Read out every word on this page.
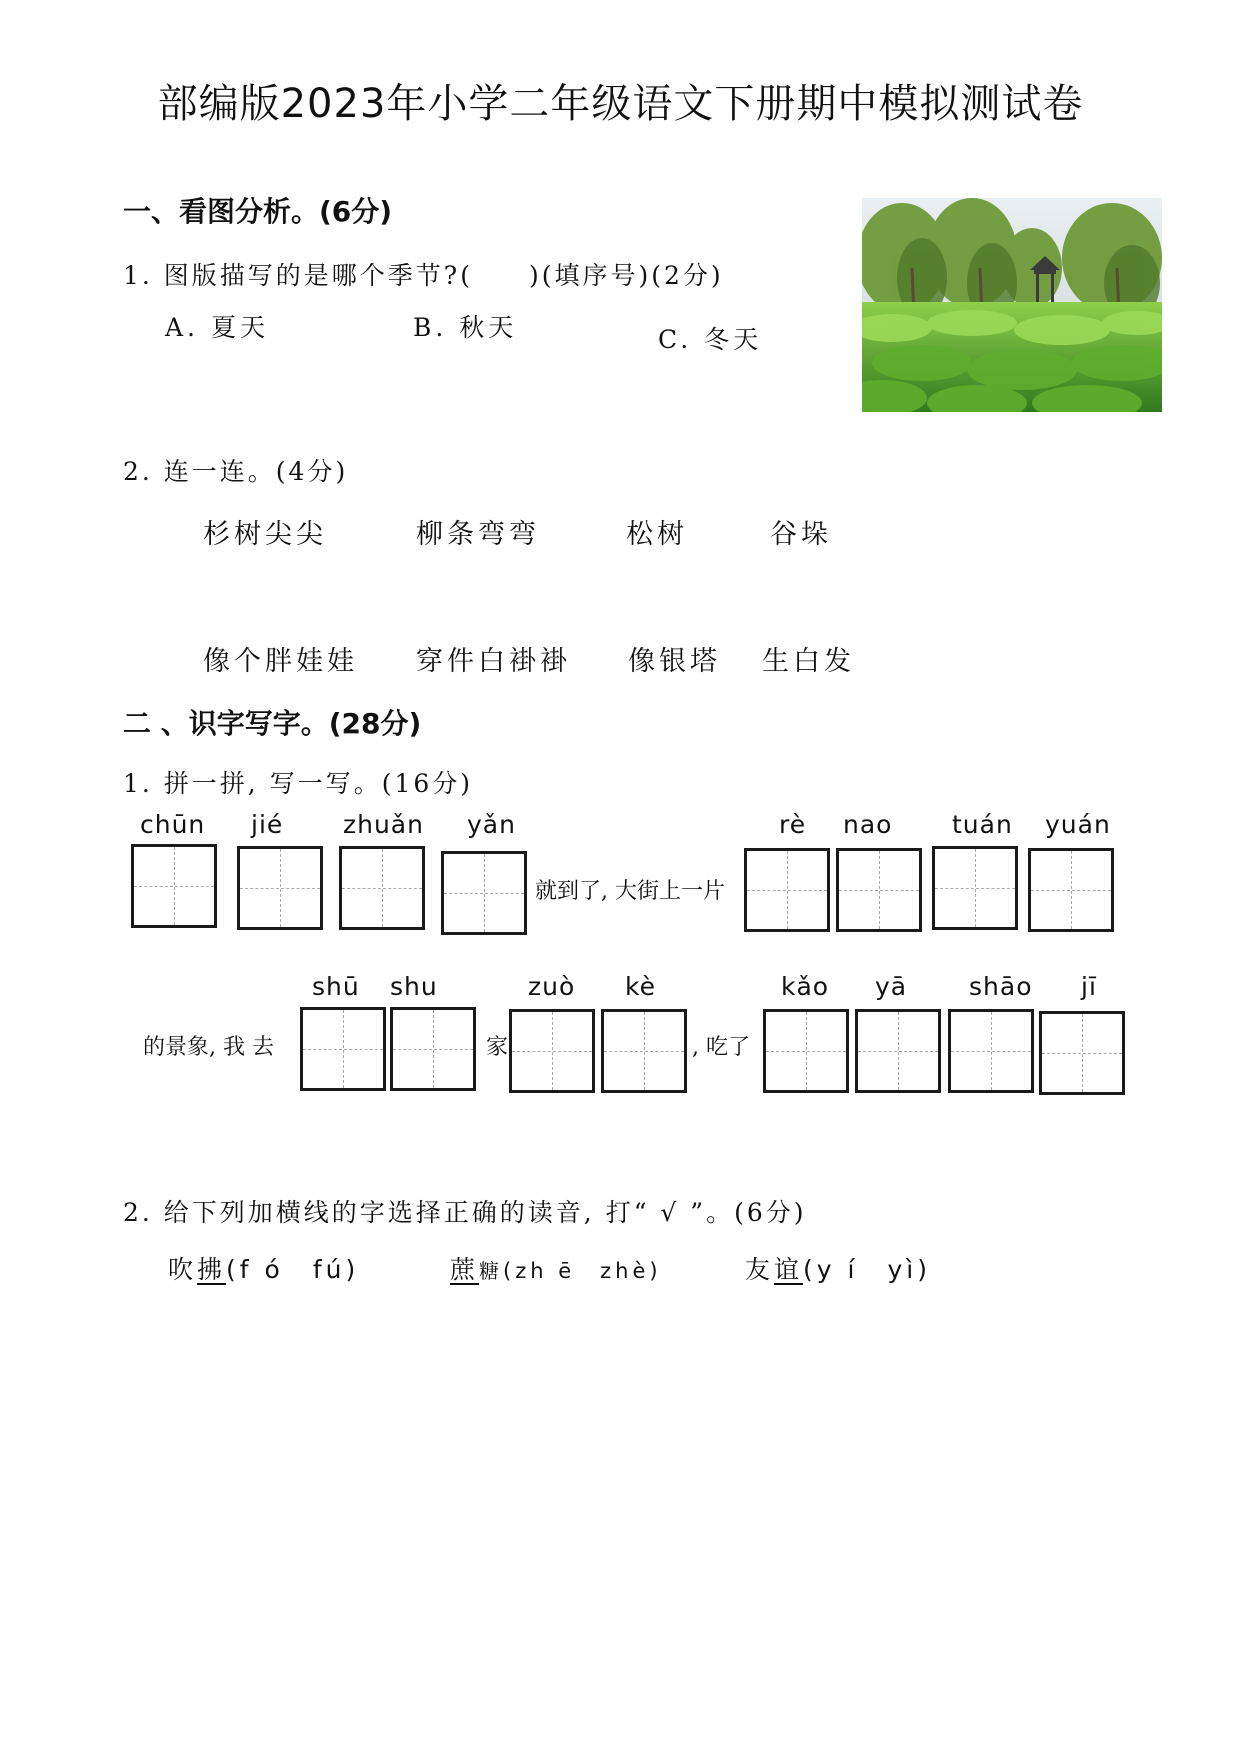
部编版2023年小学二年级语文下册期中模拟测试卷
一、看图分析。(6分)
1. 图版描写的是哪个季节?(　　)(填序号)(2分)
A. 夏天	B. 秋天	C. 冬天
2. 连一连。(4分)
杉树尖尖	柳条弯弯	松树	谷垛
像个胖娃娃 穿件白褂褂 像银塔 生白发
二 、识字写字。(28分)
1. 拼一拼, 写一写。(16分)
chūn jié zhuǎn yǎn	rè nao tuán yuán
就到了, 大街上一片
shū shu	zuò kè	kǎo yā shāo jī
的景象, 我 去	家	, 吃了
2. 给下列加横线的字选择正确的读音, 打“ √ ”。(6分)
吹拂(f ó　fú)	蔗糖(zh ē　zhè)	友谊(y í　yì)
